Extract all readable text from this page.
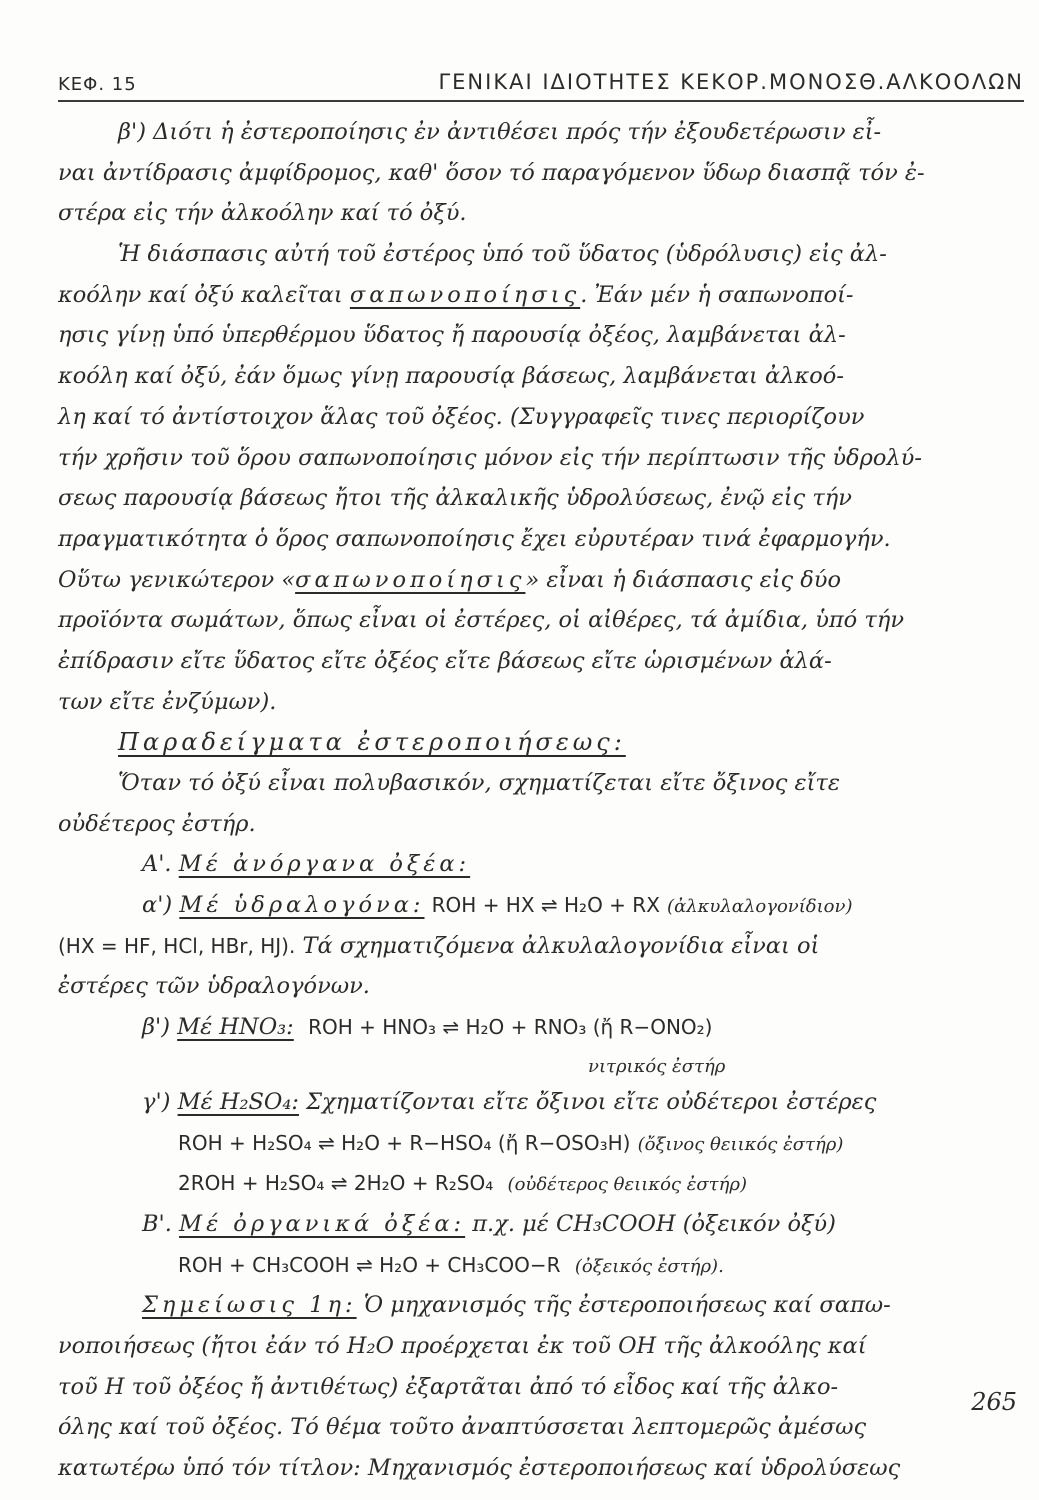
ΚΕΦ. 15	ΓΕΝΙΚΑΙ ΙΔΙΟΤΗΤΕΣ ΚΕΚΟΡ.ΜΟΝΟΣΘ.ΑΛΚΟΟΛΩΝ
β') Διότι ἡ ἐστεροποίησις ἐν ἀντιθέσει πρός τήν ἐξουδετέρωσιν εἶ-
ναι ἀντίδρασις ἀμφίδρομος, καθ' ὅσον τό παραγόμενον ὕδωρ διασπᾷ τόν ἐ-
στέρα εἰς τήν ἀλκοόλην καί τό ὀξύ.
Ἡ διάσπασις αὐτή τοῦ ἐστέρος ὑπό τοῦ ὕδατος (ὑδρόλυσις) εἰς ἀλ-
κοόλην καί ὀξύ καλεῖται σαπωνοποίησις. Ἐάν μέν ἡ σαπωνοποί-
ησις γίνῃ ὑπό ὑπερθέρμου ὕδατος ἤ παρουσίᾳ ὀξέος, λαμβάνεται ἀλ-
κοόλη καί ὀξύ, ἐάν ὅμως γίνῃ παρουσίᾳ βάσεως, λαμβάνεται ἀλκοό-
λη καί τό ἀντίστοιχον ἅλας τοῦ ὀξέος. (Συγγραφεῖς τινες περιορίζουν
τήν χρῆσιν τοῦ ὅρου σαπωνοποίησις μόνον εἰς τήν περίπτωσιν τῆς ὑδρολύ-
σεως παρουσίᾳ βάσεως ἤτοι τῆς ἀλκαλικῆς ὑδρολύσεως, ἐνῷ εἰς τήν
πραγματικότητα ὁ ὅρος σαπωνοποίησις ἔχει εὐρυτέραν τινά ἐφαρμογήν.
Οὕτω γενικώτερον «σαπωνοποίησις» εἶναι ἡ διάσπασις εἰς δύο
προϊόντα σωμάτων, ὅπως εἶναι οἱ ἐστέρες, οἱ αἰθέρες, τά ἀμίδια, ὑπό τήν
ἐπίδρασιν εἴτε ὕδατος εἴτε ὀξέος εἴτε βάσεως εἴτε ὡρισμένων ἁλά-
των εἴτε ἐνζύμων).
Παραδείγματα ἐστεροποιήσεως:
Ὅταν τό ὀξύ εἶναι πολυβασικόν, σχηματίζεται εἴτε ὄξινος εἴτε
οὐδέτερος ἐστήρ.
Α'. Μέ ἀνόργανα ὀξέα:
α') Μέ ὑδραλογόνα: ROH + HX ⇌ H₂O + RX (ἀλκυλαλογονίδιον)
(HX = HF, HCl, HBr, HJ). Τά σχηματιζόμενα ἀλκυλαλογονίδια εἶναι οἱ
ἐστέρες τῶν ὑδραλογόνων.
β') Μέ HNO₃: ROH + HNO₃ ⇌ H₂O + RNO₃ (ἤ R−ONO₂)
νιτρικός ἐστήρ
γ') Μέ H₂SO₄: Σχηματίζονται εἴτε ὄξινοι εἴτε οὐδέτεροι ἐστέρες
ROH + H₂SO₄ ⇌ H₂O + R−HSO₄ (ἤ R−OSO₃H) (ὄξινος θειικός ἐστήρ)
2ROH + H₂SO₄ ⇌ 2H₂O + R₂SO₄ (οὐδέτερος θειικός ἐστήρ)
Β'. Μέ ὀργανικά ὀξέα: π.χ. μέ CH₃COOH (ὀξεικόν ὀξύ)
ROH + CH₃COOH ⇌ H₂O + CH₃COO−R (ὀξεικός ἐστήρ).
Σημείωσις 1η: Ὁ μηχανισμός τῆς ἐστεροποιήσεως καί σαπω-
νοποιήσεως (ἤτοι ἐάν τό H₂O προέρχεται ἐκ τοῦ OH τῆς ἀλκοόλης καί
τοῦ H τοῦ ὀξέος ἤ ἀντιθέτως) ἐξαρτᾶται ἀπό τό εἶδος καί τῆς ἀλκο-
όλης καί τοῦ ὀξέος. Τό θέμα τοῦτο ἀναπτύσσεται λεπτομερῶς ἀμέσως
κατωτέρω ὑπό τόν τίτλον: Μηχανισμός ἐστεροποιήσεως καί ὑδρολύσεως
265
